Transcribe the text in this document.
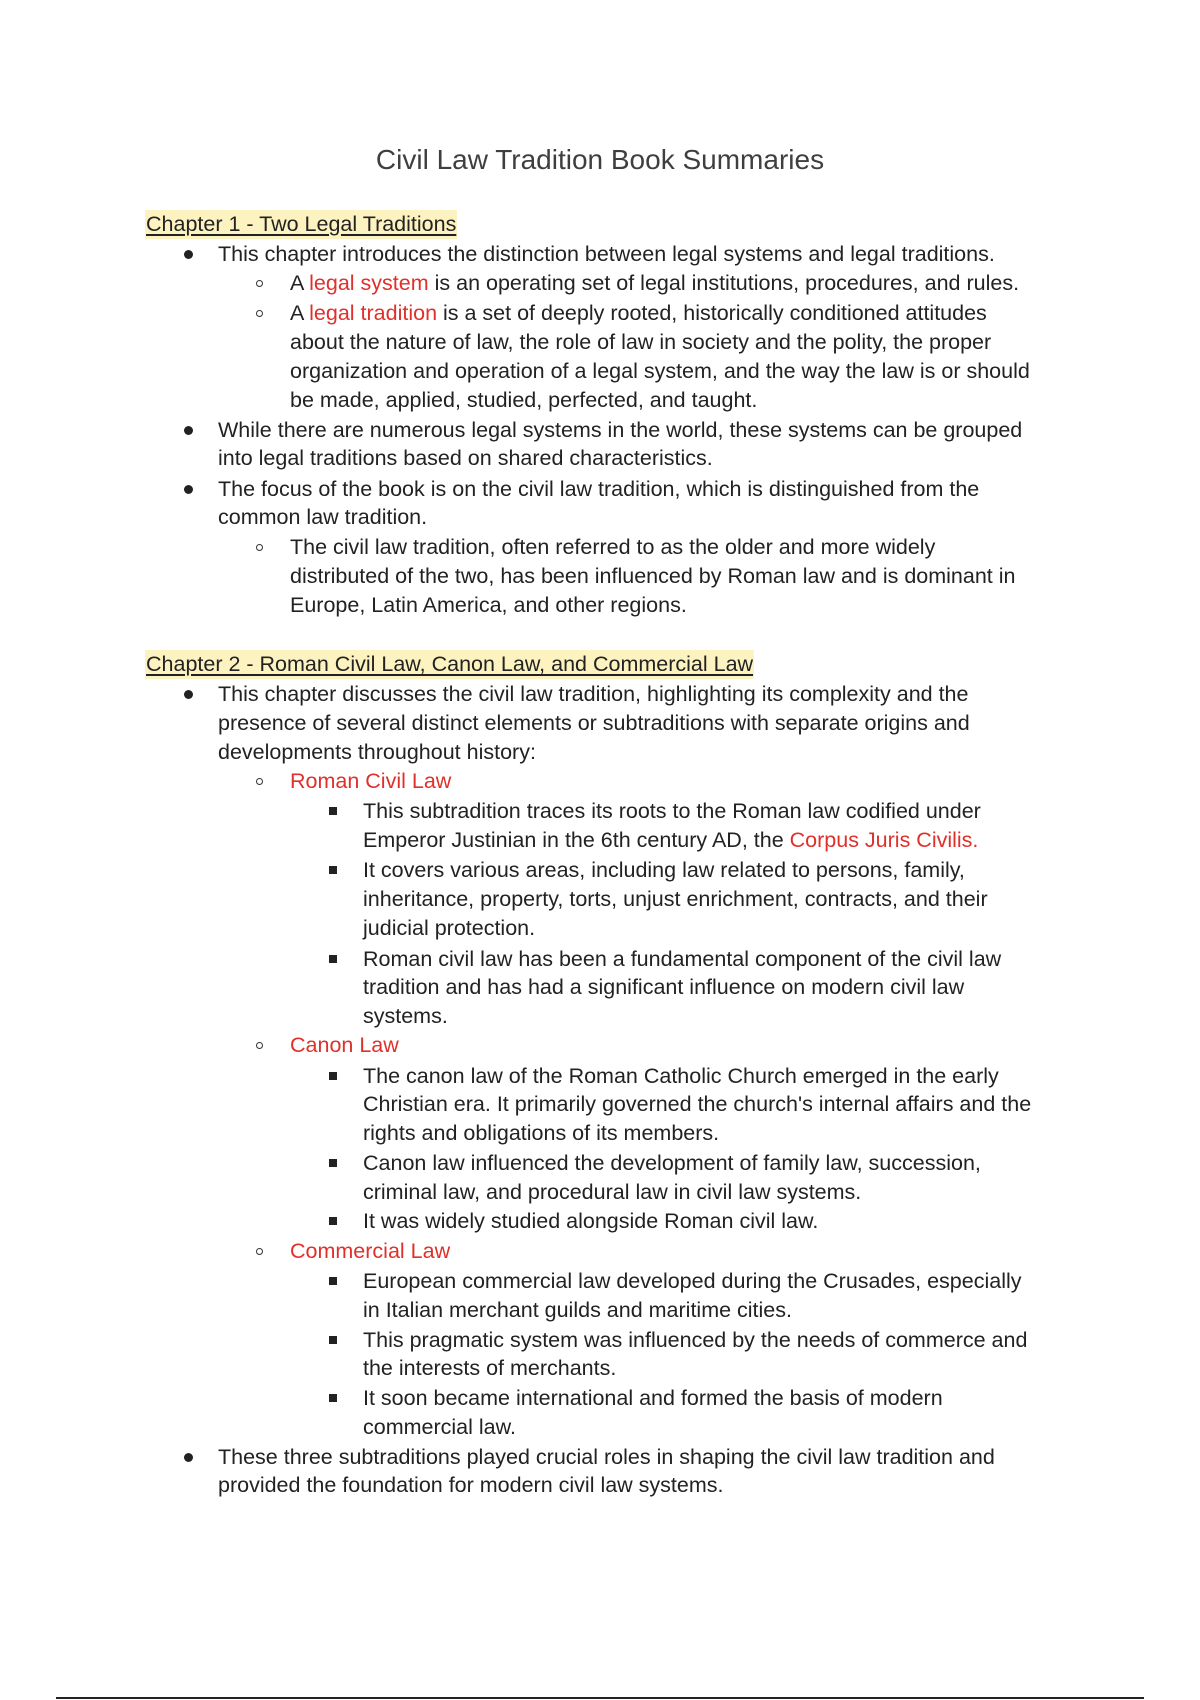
Civil Law Tradition Book Summaries
Chapter 1 - Two Legal Traditions
This chapter introduces the distinction between legal systems and legal traditions.
A legal system is an operating set of legal institutions, procedures, and rules.
A legal tradition is a set of deeply rooted, historically conditioned attitudes
about the nature of law, the role of law in society and the polity, the proper
organization and operation of a legal system, and the way the law is or should
be made, applied, studied, perfected, and taught.
While there are numerous legal systems in the world, these systems can be grouped
into legal traditions based on shared characteristics.
The focus of the book is on the civil law tradition, which is distinguished from the
common law tradition.
The civil law tradition, often referred to as the older and more widely
distributed of the two, has been influenced by Roman law and is dominant in
Europe, Latin America, and other regions.
Chapter 2 - Roman Civil Law, Canon Law, and Commercial Law
This chapter discusses the civil law tradition, highlighting its complexity and the
presence of several distinct elements or subtraditions with separate origins and
developments throughout history:
Roman Civil Law
This subtradition traces its roots to the Roman law codified under
Emperor Justinian in the 6th century AD, the Corpus Juris Civilis.
It covers various areas, including law related to persons, family,
inheritance, property, torts, unjust enrichment, contracts, and their
judicial protection.
Roman civil law has been a fundamental component of the civil law
tradition and has had a significant influence on modern civil law
systems.
Canon Law
The canon law of the Roman Catholic Church emerged in the early
Christian era. It primarily governed the church's internal affairs and the
rights and obligations of its members.
Canon law influenced the development of family law, succession,
criminal law, and procedural law in civil law systems.
It was widely studied alongside Roman civil law.
Commercial Law
European commercial law developed during the Crusades, especially
in Italian merchant guilds and maritime cities.
This pragmatic system was influenced by the needs of commerce and
the interests of merchants.
It soon became international and formed the basis of modern
commercial law.
These three subtraditions played crucial roles in shaping the civil law tradition and
provided the foundation for modern civil law systems.
